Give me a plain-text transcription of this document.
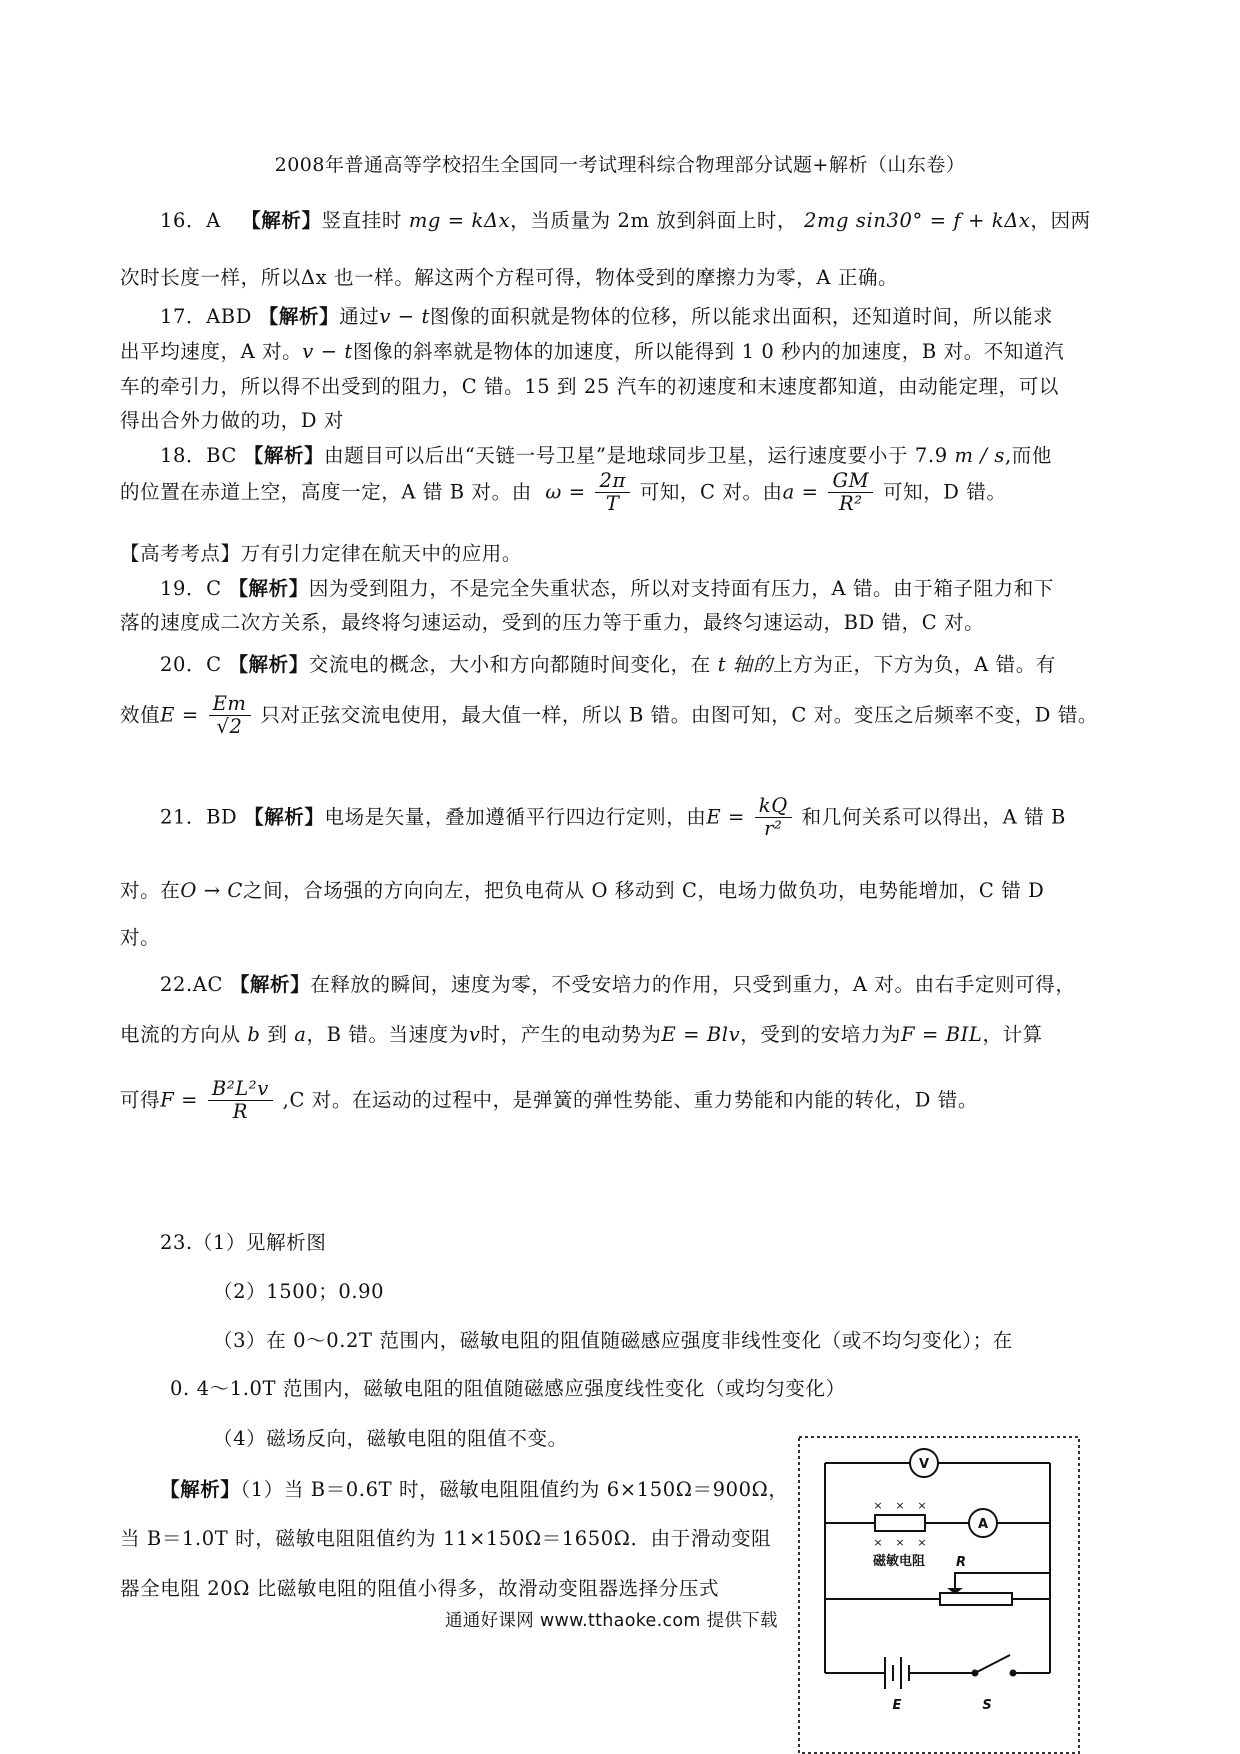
2008年普通高等学校招生全国同一考试理科综合物理部分试题+解析（山东卷）
16．A 【解析】竖直挂时 mg = kΔx，当质量为 2m 放到斜面上时， 2mg sin30° = f + kΔx，因两
次时长度一样，所以Δx 也一样。解这两个方程可得，物体受到的摩擦力为零，A 正确。
17．ABD 【解析】通过v − t图像的面积就是物体的位移，所以能求出面积，还知道时间，所以能求
出平均速度，A 对。v − t图像的斜率就是物体的加速度，所以能得到 1 0 秒内的加速度，B 对。不知道汽
车的牵引力，所以得不出受到的阻力，C 错。15 到 25 汽车的初速度和末速度都知道，由动能定理，可以
得出合外力做的功，D 对
18．BC 【解析】由题目可以后出“天链一号卫星”是地球同步卫星，运行速度要小于 7.9 m / s,而他
的位置在赤道上空，高度一定，A 错 B 对。由 $\omega = \frac{2\pi}{T}$ 可知，C 对。由$a = \frac{GM}{\text{R²}}$ 可知，D 错。
【高考考点】万有引力定律在航天中的应用。
19．C 【解析】因为受到阻力，不是完全失重状态，所以对支持面有压力，A 错。由于箱子阻力和下
落的速度成二次方关系，最终将匀速运动，受到的压力等于重力，最终匀速运动，BD 错，C 对。
20．C 【解析】交流电的概念，大小和方向都随时间变化，在 t 轴的上方为正，下方为负，A 错。有
效值$E = \frac{Em}{√2}$ 只对正弦交流电使用，最大值一样，所以 B 错。由图可知，C 对。变压之后频率不变，D 错。
21．BD 【解析】电场是矢量，叠加遵循平行四边行定则，由$E = \frac{kQ}{\text{r²}}$ 和几何关系可以得出，A 错 B
对。在O → C之间，合场强的方向向左，把负电荷从 O 移动到 C，电场力做负功，电势能增加，C 错 D
对。
22.AC 【解析】在释放的瞬间，速度为零，不受安培力的作用，只受到重力，A 对。由右手定则可得，
电流的方向从 b 到 a，B 错。当速度为v时，产生的电动势为E = Blv，受到的安培力为F = BIL，计算
可得$F = \frac{\text{B²L²v}}{R} ,C$ 对。在运动的过程中，是弹簧的弹性势能、重力势能和内能的转化，D 错。
23.（1）见解析图
（2）1500；0.90
（3）在 0～0.2T 范围内，磁敏电阻的阻值随磁感应强度非线性变化（或不均匀变化）；在
0. 4～1.0T 范围内，磁敏电阻的阻值随磁感应强度线性变化（或均匀变化）
（4）磁场反向，磁敏电阻的阻值不变。
【解析】（1）当 B＝0.6T 时，磁敏电阻阻值约为 6×150Ω＝900Ω，
当 B＝1.0T 时，磁敏电阻阻值约为 11×150Ω＝1650Ω．由于滑动变阻
器全电阻 20Ω 比磁敏电阻的阻值小得多，故滑动变阻器选择分压式
× × ×
× × ×
V
A
磁敏电阻 R
E	S
通通好课网 www.tthaoke.com 提供下载
